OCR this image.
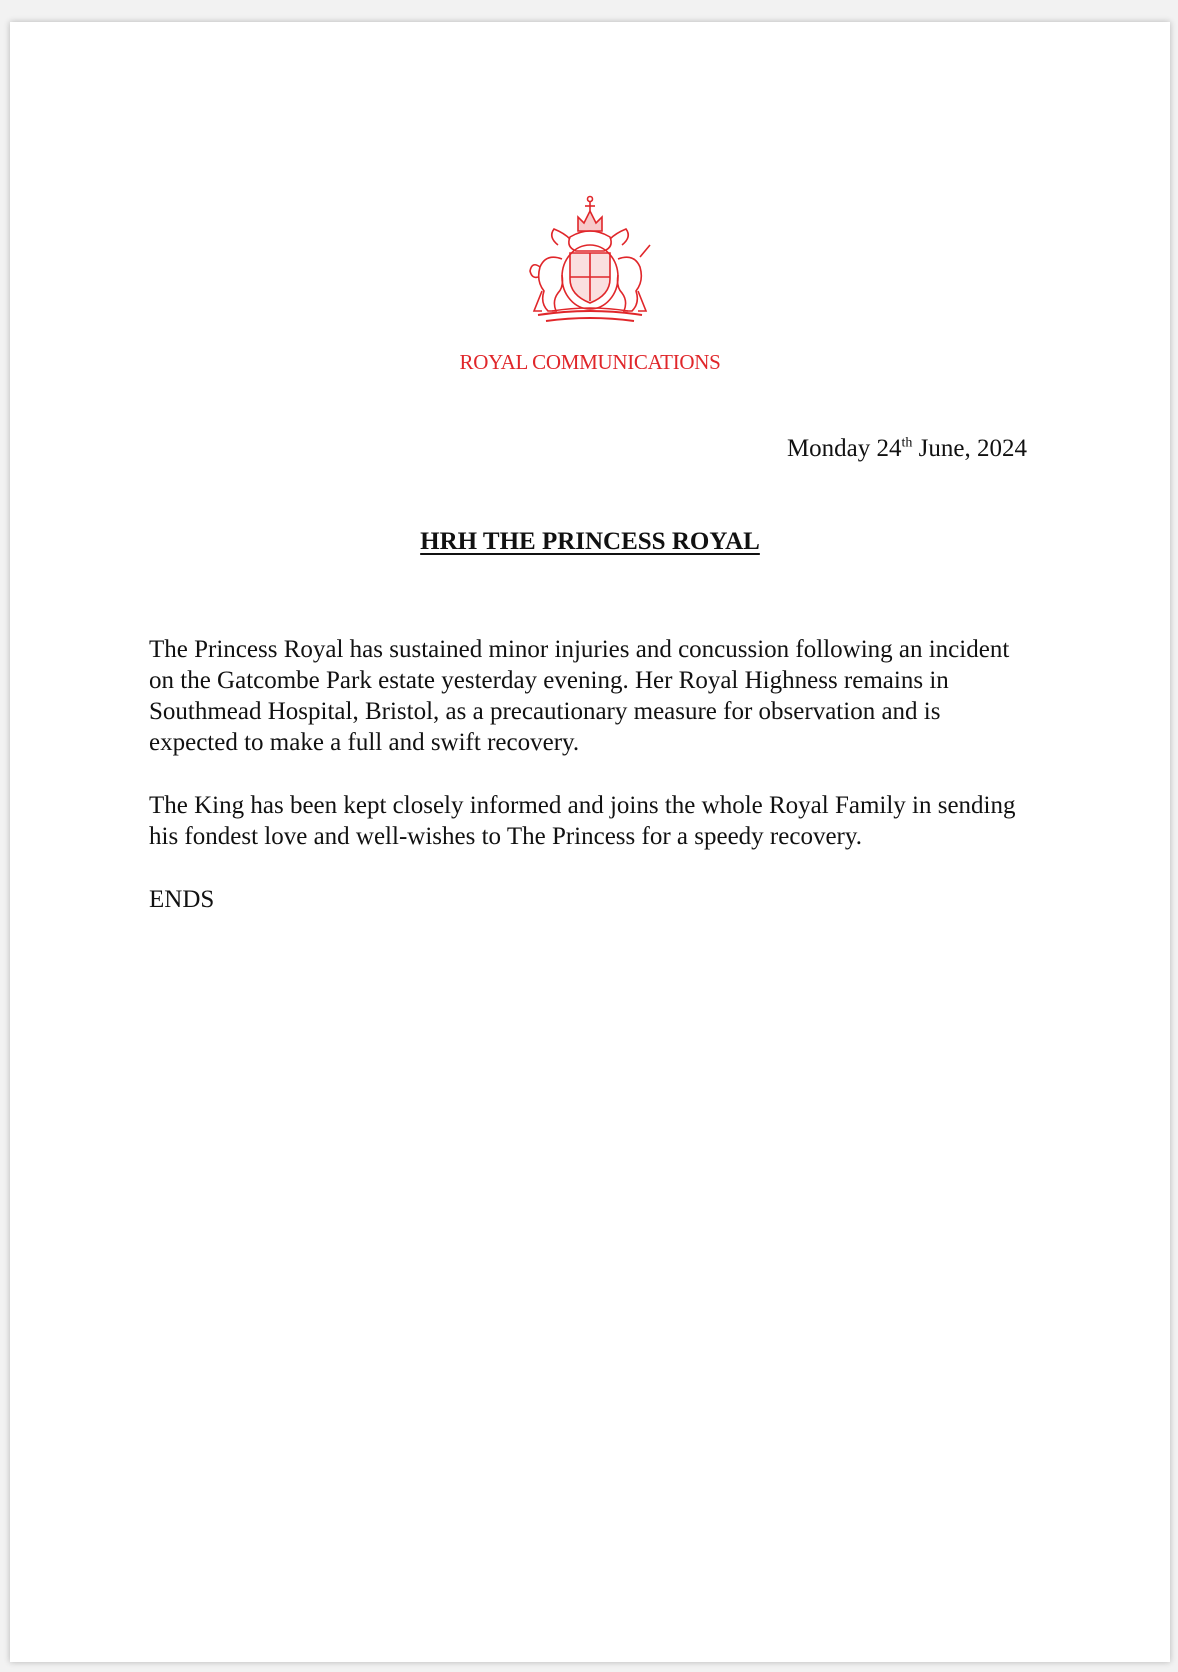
ROYAL COMMUNICATIONS
Monday 24th June, 2024
HRH THE PRINCESS ROYAL

The Princess Royal has sustained minor injuries and concussion following an incident on the Gatcombe Park estate yesterday evening. Her Royal Highness remains in Southmead Hospital, Bristol, as a precautionary measure for observation and is expected to make a full and swift recovery.

The King has been kept closely informed and joins the whole Royal Family in sending his fondest love and well-wishes to The Princess for a speedy recovery.

ENDS
